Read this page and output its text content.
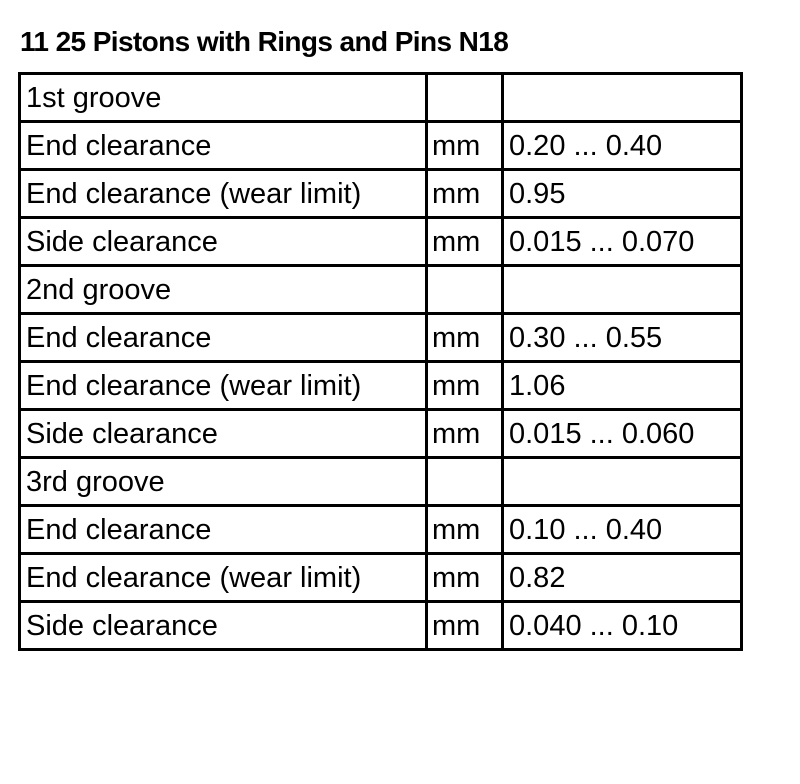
11 25 Pistons with Rings and Pins N18
1st groove		
End clearance	mm	0.20 ... 0.40
End clearance (wear limit)	mm	0.95
Side clearance	mm	0.015 ... 0.070
2nd groove		
End clearance	mm	0.30 ... 0.55
End clearance (wear limit)	mm	1.06
Side clearance	mm	0.015 ... 0.060
3rd groove		
End clearance	mm	0.10 ... 0.40
End clearance (wear limit)	mm	0.82
Side clearance	mm	0.040 ... 0.10
